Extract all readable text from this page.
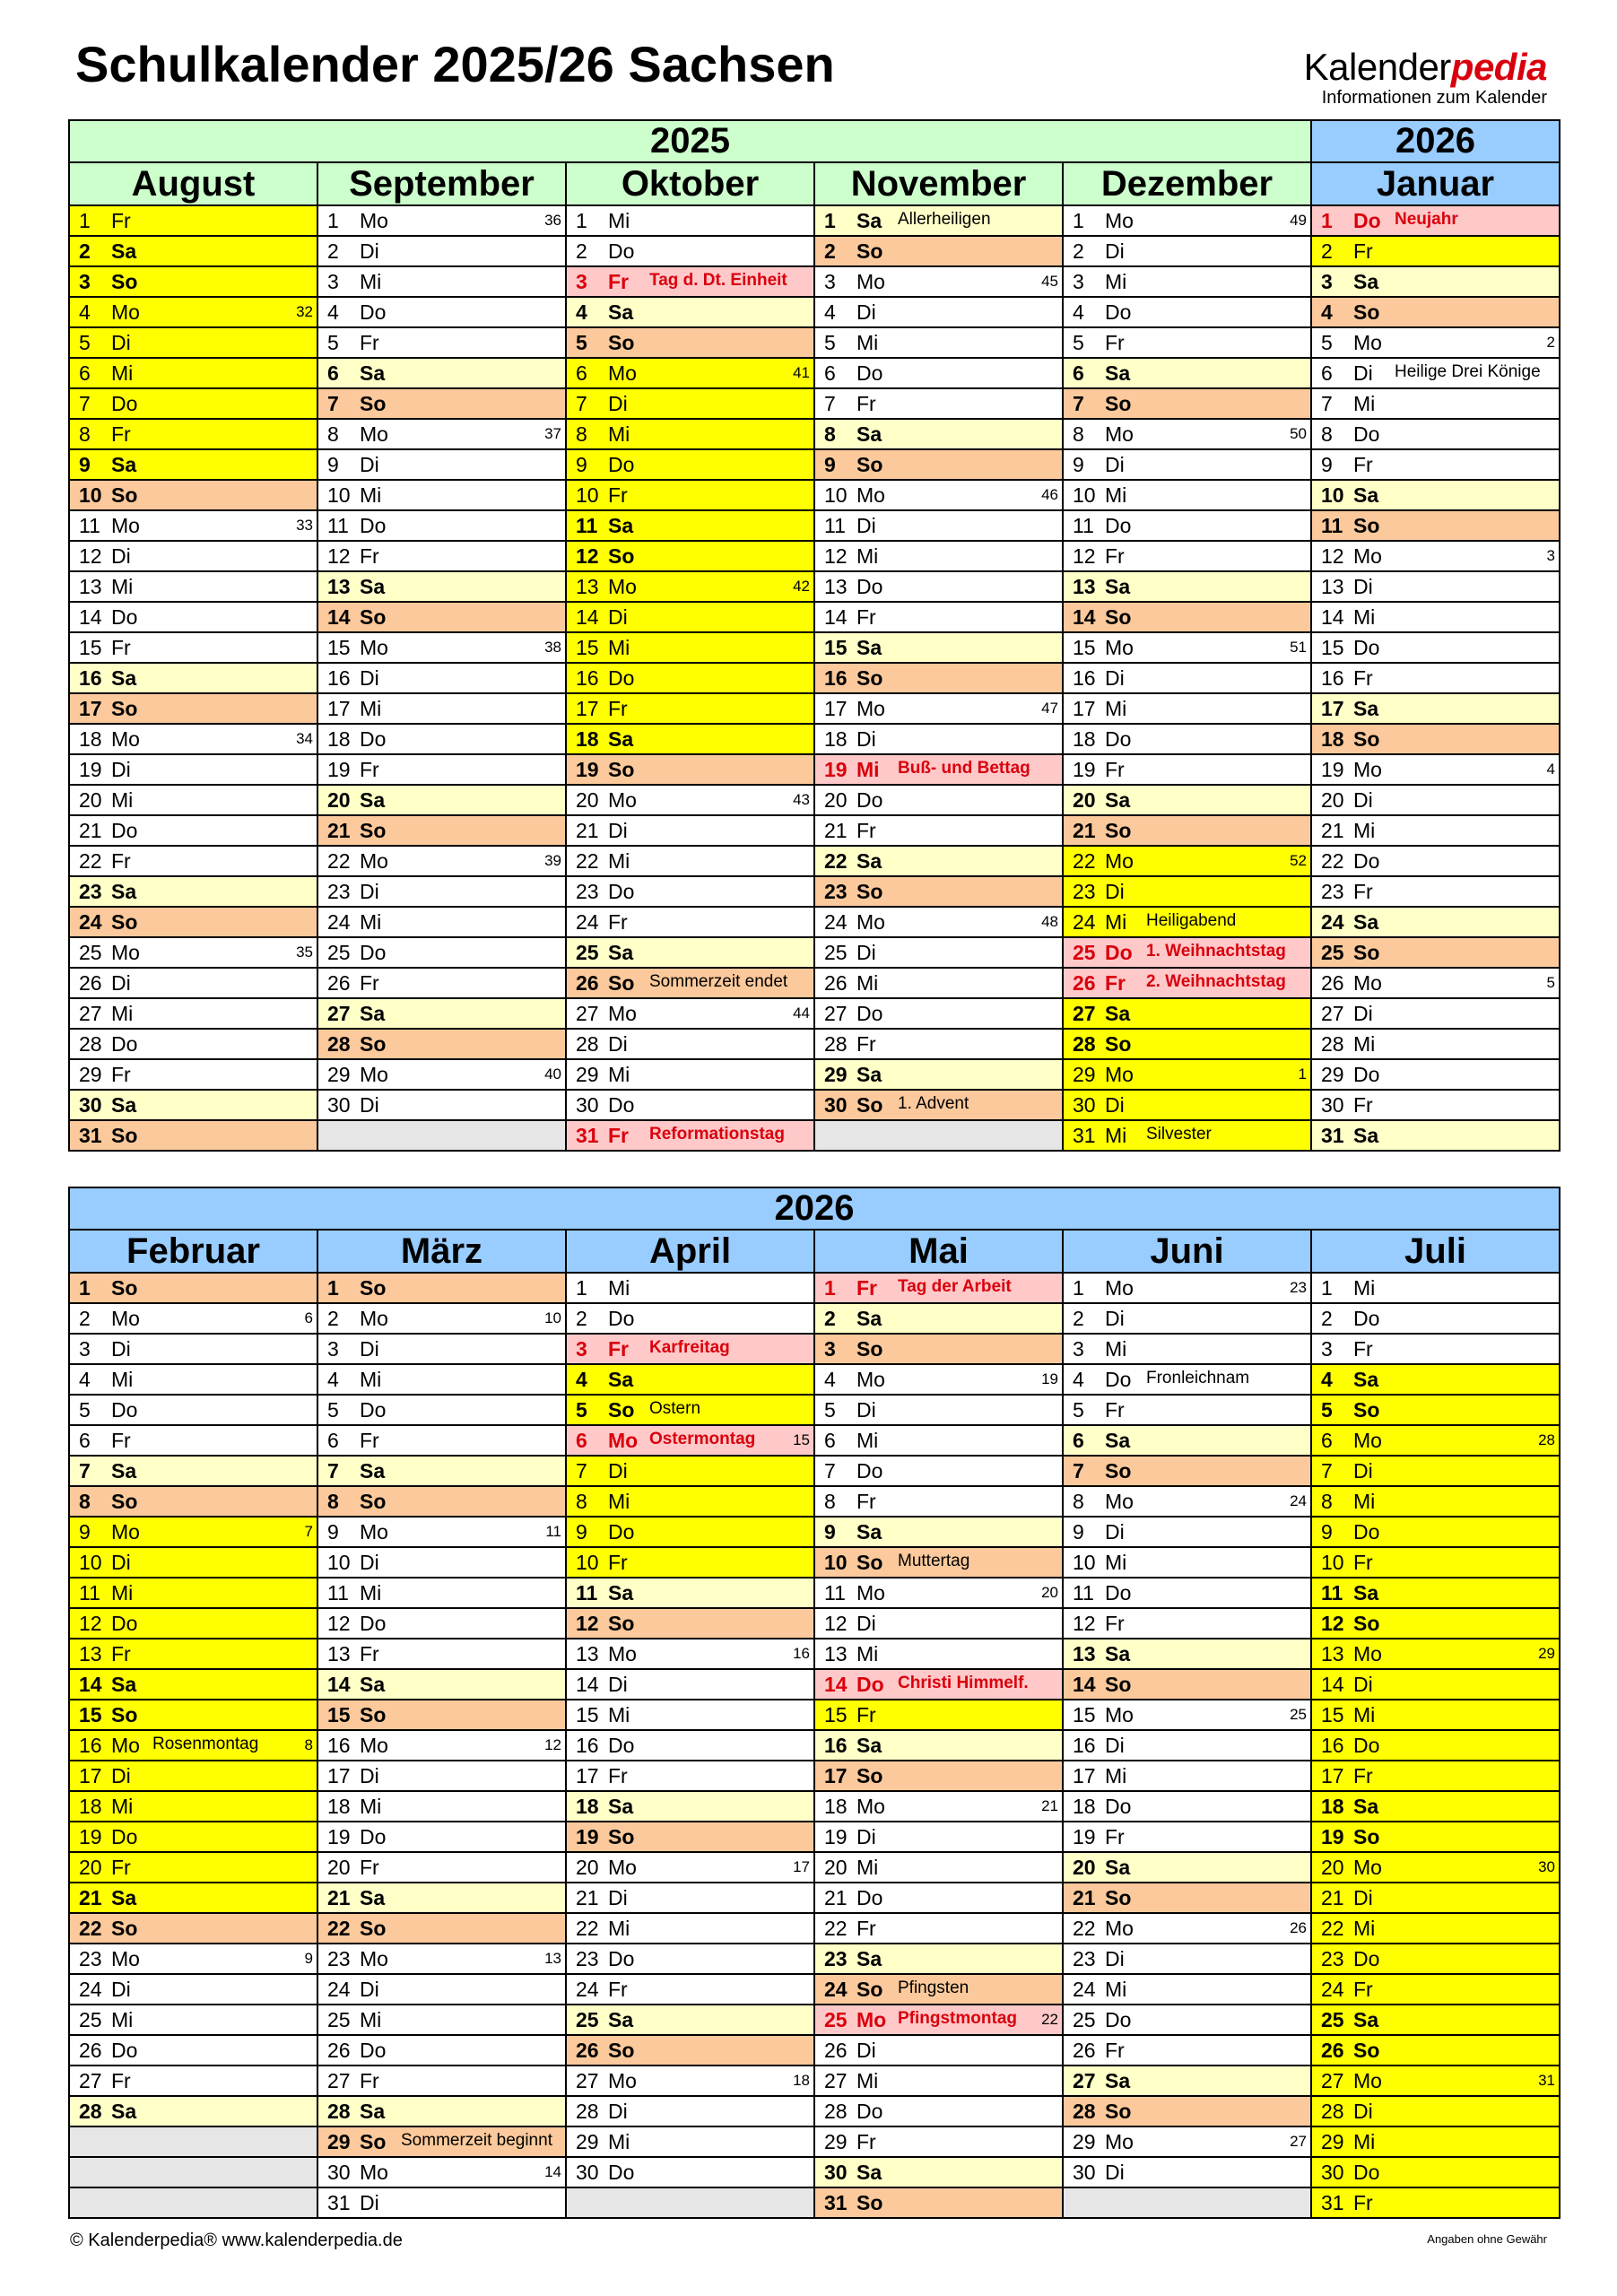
Schulkalender 2025/26 Sachsen	Kalenderpedia
Informationen zum Kalender
2025					2026
August	September	Oktober	November	Dezember	Januar

1 Fr	1 Mo 36	1 Mi	1 Sa Allerheiligen	1 Mo 49	1 Do Neujahr

2 Sa	2 Di	2 Do	2 So	2 Di	2 Fr

3 So	3 Mi	3 Fr Tag d. Dt. Einheit	3 Mo 45	3 Mi	3 Sa

4 Mo 32	4 Do	4 Sa	4 Di	4 Do	4 So

5 Di	5 Fr	5 So	5 Mi	5 Fr	5 Mo 2

6 Mi	6 Sa	6 Mo 41	6 Do	6 Sa	6 Di Heilige Drei Könige

7 Do	7 So	7 Di	7 Fr	7 So	7 Mi

8 Fr	8 Mo 37	8 Mi	8 Sa	8 Mo 50	8 Do

9 Sa	9 Di	9 Do	9 So	9 Di	9 Fr

10 So	10 Mi	10 Fr	10 Mo 46	10 Mi	10 Sa

11 Mo 33	11 Do	11 Sa	11 Di	11 Do	11 So

12 Di	12 Fr	12 So	12 Mi	12 Fr	12 Mo 3

13 Mi	13 Sa	13 Mo 42	13 Do	13 Sa	13 Di

14 Do	14 So	14 Di	14 Fr	14 So	14 Mi

15 Fr	15 Mo 38	15 Mi	15 Sa	15 Mo 51	15 Do

16 Sa	16 Di	16 Do	16 So	16 Di	16 Fr

17 So	17 Mi	17 Fr	17 Mo 47	17 Mi	17 Sa

18 Mo 34	18 Do	18 Sa	18 Di	18 Do	18 So

19 Di	19 Fr	19 So	19 Mi Buß- und Bettag	19 Fr	19 Mo 4

20 Mi	20 Sa	20 Mo 43	20 Do	20 Sa	20 Di

21 Do	21 So	21 Di	21 Fr	21 So	21 Mi

22 Fr	22 Mo 39	22 Mi	22 Sa	22 Mo 52	22 Do

23 Sa	23 Di	23 Do	23 So	23 Di	23 Fr

24 So	24 Mi	24 Fr	24 Mo 48	24 Mi Heiligabend	24 Sa

25 Mo 35	25 Do	25 Sa	25 Di	25 Do 1. Weihnachtstag	25 So

26 Di	26 Fr	26 So Sommerzeit endet	26 Mi	26 Fr 2. Weihnachtstag	26 Mo 5

27 Mi	27 Sa	27 Mo 44	27 Do	27 Sa	27 Di

28 Do	28 So	28 Di	28 Fr	28 So	28 Mi

29 Fr	29 Mo 40	29 Mi	29 Sa	29 Mo 1	29 Do

30 Sa	30 Di	30 Do	30 So 1. Advent	30 Di	30 Fr

31 So		31 Fr Reformationstag		31 Mi Silvester	31 Sa
2026					
Februar	März	April	Mai	Juni	Juli

1 So	1 So	1 Mi	1 Fr Tag der Arbeit	1 Mo 23	1 Mi

2 Mo 6	2 Mo 10	2 Do	2 Sa	2 Di	2 Do

3 Di	3 Di	3 Fr Karfreitag	3 So	3 Mi	3 Fr

4 Mi	4 Mi	4 Sa	4 Mo 19	4 Do Fronleichnam	4 Sa

5 Do	5 Do	5 So Ostern	5 Di	5 Fr	5 So

6 Fr	6 Fr	6 Mo Ostermontag 15	6 Mi	6 Sa	6 Mo 28

7 Sa	7 Sa	7 Di	7 Do	7 So	7 Di

8 So	8 So	8 Mi	8 Fr	8 Mo 24	8 Mi

9 Mo 7	9 Mo 11	9 Do	9 Sa	9 Di	9 Do

10 Di	10 Di	10 Fr	10 So Muttertag	10 Mi	10 Fr

11 Mi	11 Mi	11 Sa	11 Mo 20	11 Do	11 Sa

12 Do	12 Do	12 So	12 Di	12 Fr	12 So

13 Fr	13 Fr	13 Mo 16	13 Mi	13 Sa	13 Mo 29

14 Sa	14 Sa	14 Di	14 Do Christi Himmelf.	14 So	14 Di

15 So	15 So	15 Mi	15 Fr	15 Mo 25	15 Mi

16 Mo Rosenmontag 8	16 Mo 12	16 Do	16 Sa	16 Di	16 Do

17 Di	17 Di	17 Fr	17 So	17 Mi	17 Fr

18 Mi	18 Mi	18 Sa	18 Mo 21	18 Do	18 Sa

19 Do	19 Do	19 So	19 Di	19 Fr	19 So

20 Fr	20 Fr	20 Mo 17	20 Mi	20 Sa	20 Mo 30

21 Sa	21 Sa	21 Di	21 Do	21 So	21 Di

22 So	22 So	22 Mi	22 Fr	22 Mo 26	22 Mi

23 Mo 9	23 Mo 13	23 Do	23 Sa	23 Di	23 Do

24 Di	24 Di	24 Fr	24 So Pfingsten	24 Mi	24 Fr

25 Mi	25 Mi	25 Sa	25 Mo Pfingstmontag 22	25 Do	25 Sa

26 Do	26 Do	26 So	26 Di	26 Fr	26 So

27 Fr	27 Fr	27 Mo 18	27 Mi	27 Sa	27 Mo 31

28 Sa	28 Sa	28 Di	28 Do	28 So	28 Di

	29 So Sommerzeit beginnt	29 Mi	29 Fr	29 Mo 27	29 Mi

	30 Mo 14	30 Do	30 Sa	30 Di	30 Do

	31 Di		31 So		31 Fr
© Kalenderpedia® www.kalenderpedia.de	Angaben ohne Gewähr
